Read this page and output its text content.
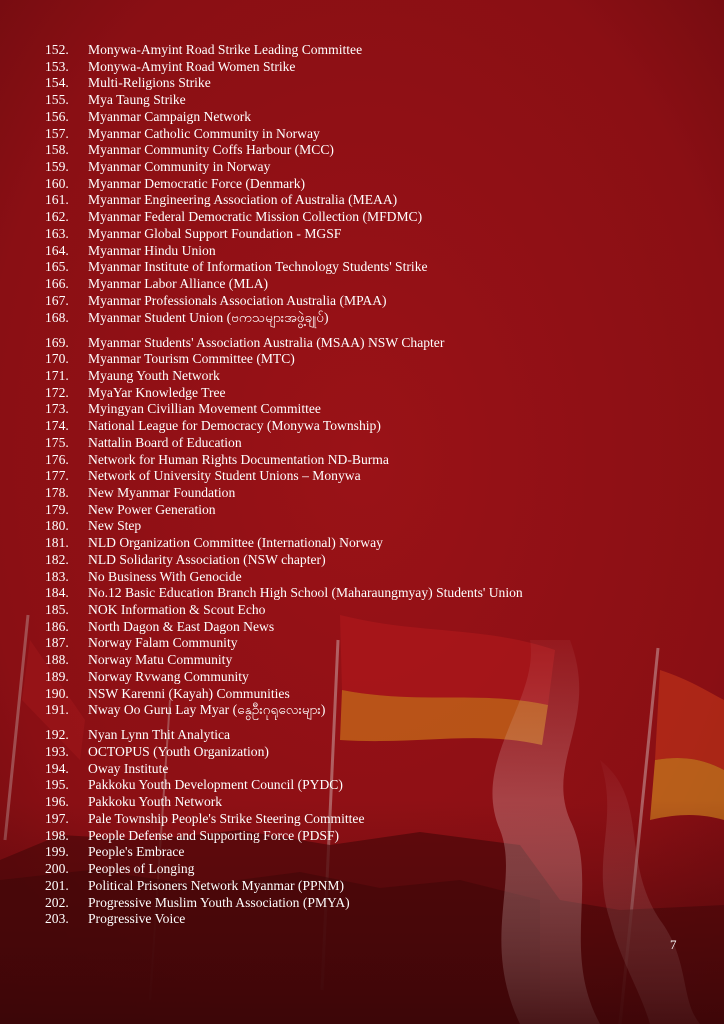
152.	Monywa-Amyint Road Strike Leading Committee
153.	Monywa-Amyint Road Women Strike
154.	Multi-Religions Strike
155.	Mya Taung Strike
156.	Myanmar Campaign Network
157.	Myanmar Catholic Community in Norway
158.	Myanmar Community Coffs Harbour (MCC)
159.	Myanmar Community in Norway
160.	Myanmar Democratic Force (Denmark)
161.	Myanmar Engineering Association of Australia (MEAA)
162.	Myanmar Federal Democratic Mission Collection (MFDMC)
163.	Myanmar Global Support Foundation - MGSF
164.	Myanmar Hindu Union
165.	Myanmar Institute of Information Technology Students' Strike
166.	Myanmar Labor Alliance (MLA)
167.	Myanmar Professionals Association Australia (MPAA)
168.	Myanmar Student Union (ဗကသများအဖွဲ့ချုပ်)
169.	Myanmar Students' Association Australia (MSAA) NSW Chapter
170.	Myanmar Tourism Committee (MTC)
171.	Myaung Youth Network
172.	MyaYar Knowledge Tree
173.	Myingyan Civillian Movement Committee
174.	National League for Democracy (Monywa Township)
175.	Nattalin Board of Education
176.	Network for Human Rights Documentation ND-Burma
177.	Network of University Student Unions – Monywa
178.	New Myanmar Foundation
179.	New Power Generation
180.	New Step
181.	NLD Organization Committee (International) Norway
182.	NLD Solidarity Association (NSW chapter)
183.	No Business With Genocide
184.	No.12 Basic Education Branch High School (Maharaungmyay) Students' Union
185.	NOK Information & Scout Echo
186.	North Dagon & East Dagon News
187.	Norway Falam Community
188.	Norway Matu Community
189.	Norway Rvwang Community
190.	NSW Karenni (Kayah) Communities
191.	Nway Oo Guru Lay Myar (နွေဦးဂုရုလေးများ)
192.	Nyan Lynn Thit Analytica
193.	OCTOPUS (Youth Organization)
194.	Oway Institute
195.	Pakkoku Youth Development Council (PYDC)
196.	Pakkoku Youth Network
197.	Pale Township People's Strike Steering Committee
198.	People Defense and Supporting Force (PDSF)
199.	People's Embrace
200.	Peoples of Longing
201.	Political Prisoners Network Myanmar (PPNM)
202.	Progressive Muslim Youth Association (PMYA)
203.	Progressive Voice
7
